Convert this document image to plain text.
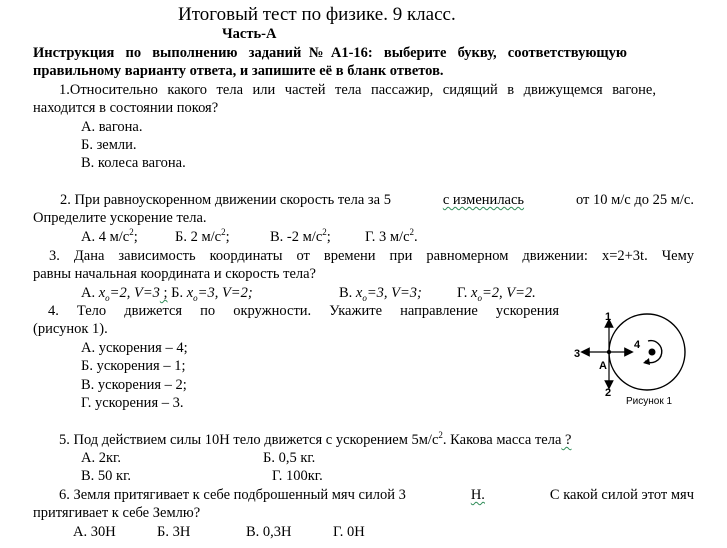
Итоговый тест по физике. 9 класс.
Часть-А
Инструкция по выполнению заданий№А1-16: выберите букву, соответствующую
правильному варианту ответа, и запишите её в бланк ответов.
1.Относительно какого тела или частей тела пассажир, сидящий в движущемся вагоне,
находится в состоянии покоя?
А. вагона.
Б. земли.
В. колеса вагона.
2. При равноускоренном движении скорость тела за 5	с изменилась	от 10 м/с до 25 м/с.
Определите ускорение тела.
А. 4 $м/с^2$;	Б. 2 $м/с^2$;	В. -2 $м/с^2$; Г. 3 $м/с^2$.
3. Дана зависимость координаты от времени при равномерном движении: х=2+3t. Чему
равны начальная координата и скорость тела?
А. $х_о=2$, V=3 ; Б. $х_о=3$, V=2;	В. $х_о=3$, V=3; Г. $х_о=2$, V=2.
4. Тело движется по окружности. Укажите направление ускорения
(рисунок 1).
А. ускорения – 4;
Б. ускорения – 1;
В. ускорения – 2;
Г. ускорения – 3.
1
2
3
4
А
Рисунок 1
5. Под действием силы 10Н тело движется с ускорением $5м/с^2$. Какова масса тела ?
А. 2кг.	Б. 0,5 кг.
В. 50 кг.	Г. 100кг.
6. Земля притягивает к себе подброшенный мяч силой 3	Н.	С какой силой этот мяч
притягивает к себе Землю?
А. 30Н	Б. 3Н	В. 0,3Н	Г. 0Н
